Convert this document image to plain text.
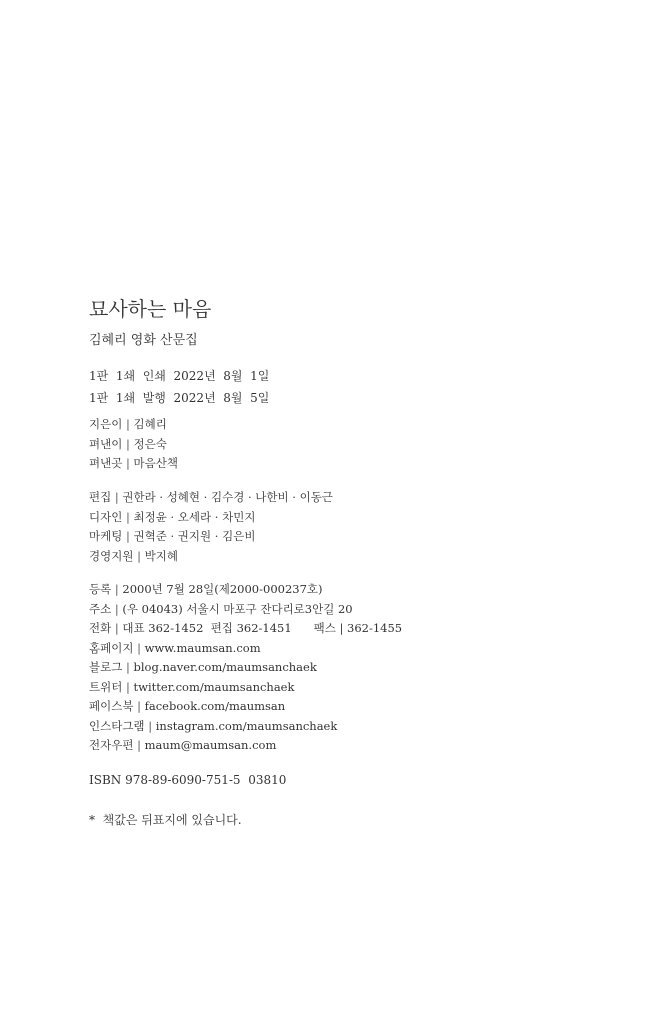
묘사하는 마음
김혜리 영화 산문집
1판  1쇄  인쇄  2022년  8월  1일
1판  1쇄  발행  2022년  8월  5일
지은이 | 김혜리
펴낸이 | 정은숙
펴낸곳 | 마음산책
편집 | 권한라 · 성혜현 · 김수경 · 나한비 · 이동근
디자인 | 최정윤 · 오세라 · 차민지
마케팅 | 권혁준 · 권지원 · 김은비
경영지원 | 박지혜
등록 | 2000년 7월 28일(제2000-000237호)
주소 | (우 04043) 서울시 마포구 잔다리로3안길 20
전화 | 대표 362-1452  편집 362-1451      팩스 | 362-1455
홈페이지 | www.maumsan.com
블로그 | blog.naver.com/maumsanchaek
트위터 | twitter.com/maumsanchaek
페이스북 | facebook.com/maumsan
인스타그램 | instagram.com/maumsanchaek
전자우편 | maum@maumsan.com
ISBN 978-89-6090-751-5  03810
*  책값은 뒤표지에 있습니다.
